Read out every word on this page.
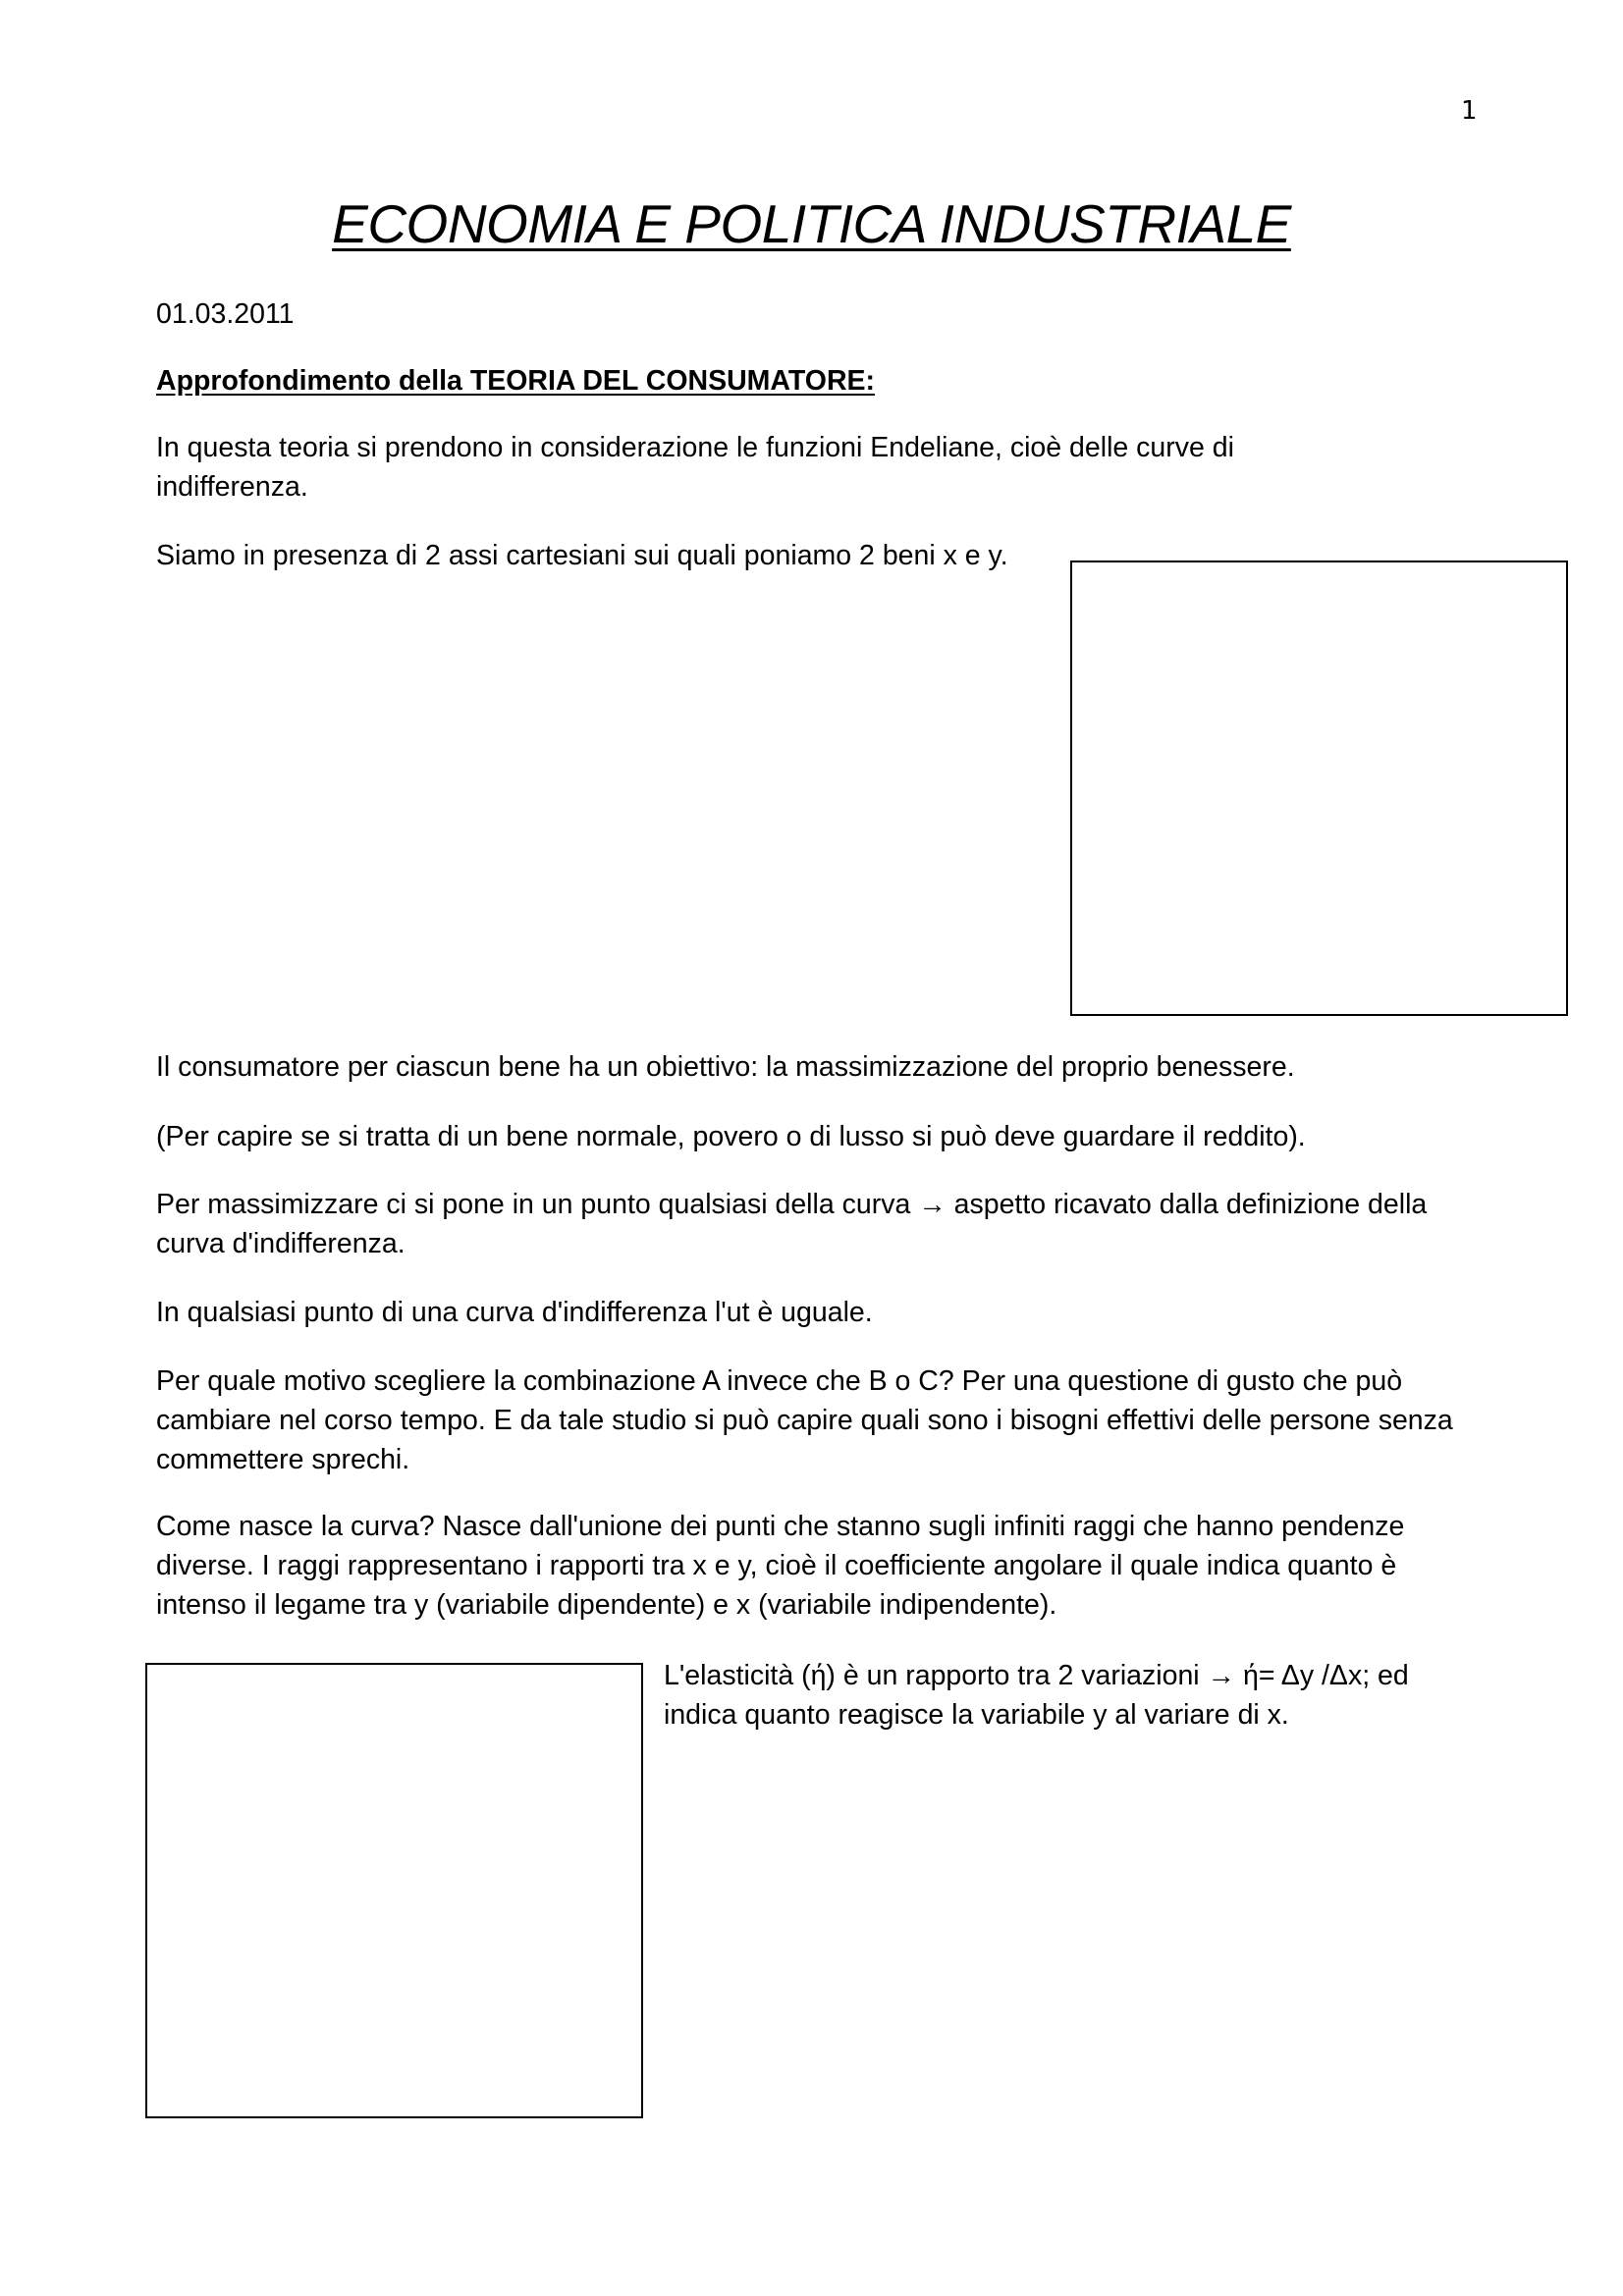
1
ECONOMIA E POLITICA INDUSTRIALE

01.03.2011

Approfondimento della TEORIA DEL CONSUMATORE:

In questa teoria si prendono in considerazione le funzioni Endeliane, cioè delle curve di indifferenza.

Siamo in presenza di 2 assi cartesiani sui quali poniamo 2 beni x e y.

Il consumatore per ciascun bene ha un obiettivo: la massimizzazione del proprio benessere.

(Per capire se si tratta di un bene normale, povero o di lusso si può deve guardare il reddito).

Per massimizzare ci si pone in un punto qualsiasi della curva → aspetto ricavato dalla definizione della curva d'indifferenza.

In qualsiasi punto di una curva d'indifferenza l'ut è uguale.

Per quale motivo scegliere la combinazione A invece che B o C? Per una questione di gusto che può cambiare nel corso tempo. E da tale studio si può capire quali sono i bisogni effettivi delle persone senza commettere sprechi.

Come nasce la curva? Nasce dall'unione dei punti che stanno sugli infiniti raggi che hanno pendenze diverse. I raggi rappresentano i rapporti tra x e y, cioè il coefficiente angolare il quale indica quanto è intenso il legame tra y (variabile dipendente) e x (variabile indipendente).

L'elasticità (ή) è un rapporto tra 2 variazioni → ή= Δy /Δx; ed indica quanto reagisce la variabile y al variare di x.
